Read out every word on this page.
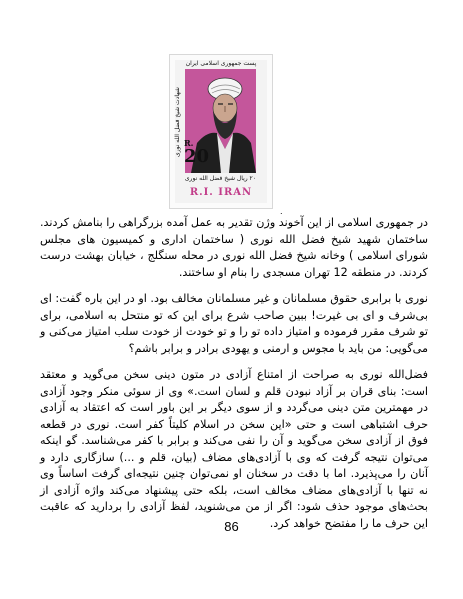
پست جمهوری اسلامی ایران
شهادت شیخ فضل الله نوری R.
20
۲۰ ریال شیخ فضل الله نوری
R.I. IRAN
.

در جمهوری اسلامی از این آخوند وژن تقدیر به عمل آمده بزرگراهی را بنامش کردند. ساختمان شهید شیخ فضل الله نوری ( ساختمان اداری و کمیسیون های مجلس شورای اسلامی ) وخانه شیخ فضل الله نوری در محله سنگلج ، خیابان بهشت درست کردند. در منطقه 12 تهران مسجدی را بنام او ساختند.

نوری با برابری حقوق مسلمانان و غیر مسلمانان مخالف بود. او در این باره گفت: ای بی‌شرف و ای بی غیرت! ببین صاحب شرع برای این که تو منتحل به اسلامی، برای تو شرف مقرر فرموده و امتیاز داده تو را و تو خودت از خودت سلب امتیاز می‌کنی و می‌گویی: من باید با مجوس و ارمنی و یهودی برادر و برابر باشم؟

فضل‌الله نوری به صراحت از امتناع آزادی در متون دینی سخن می‌گوید و معتقد است: بنای قران بر آزاد نبودن قلم و لسان است.» وی از سوئی منکر وجود آزادی در مهمترین متن دینی می‌گردد و از سوی دیگر بر این باور است که اعتقاد به آزادی حرف اشتباهی است و حتی «این سخن در اسلام کلیتاً کفر است. نوری در قطعه فوق از آزادی سخن می‌گوید و آن را نفی می‌کند و برابر با کفر می‌شناسد. گو اینکه می‌توان نتیجه گرفت که وی با آزادی‌های مضاف (بیان، قلم و ...) سازگاری دارد و آنان را می‌پذیرد. اما با دقت در سخنان او نمی‌توان چنین نتیجه‌ای گرفت اساساً وی نه تنها با آزادی‌های مضاف مخالف است، بلکه حتی پیشنهاد می‌کند واژه آزادی از بحث‌های موجود حذف شود: اگر از من می‌شنوید، لفظ آزادی را بردارید که عاقبت این حرف ما را مفتضح خواهد کرد.

86
